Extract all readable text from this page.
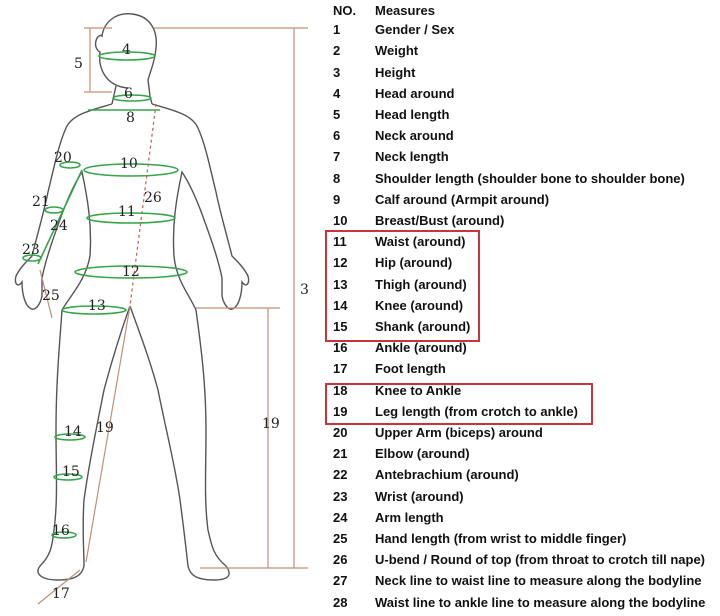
4
5
6
8
10
11
12
13
14
15
16
17
19	19
20
21
23
24
25
26
3
NO.	Measures
1	Gender / Sex
2	Weight
3	Height
4	Head around
5	Head length
6	Neck around
7	Neck length
8	Shoulder length (shoulder bone to shoulder bone)
9	Calf around (Armpit around)
10	Breast/Bust (around)
11	Waist (around)
12	Hip (around)
13	Thigh (around)
14	Knee (around)
15	Shank (around)
16	Ankle (around)
17	Foot length
18	Knee to Ankle
19	Leg length (from crotch to ankle)
20	Upper Arm (biceps) around
21	Elbow (around)
22	Antebrachium (around)
23	Wrist (around)
24	Arm length
25	Hand length (from wrist to middle finger)
26	U-bend / Round of top (from throat to crotch till nape)
27	Neck line to waist line to measure along the bodyline
28	Waist line to ankle line to measure along the bodyline
